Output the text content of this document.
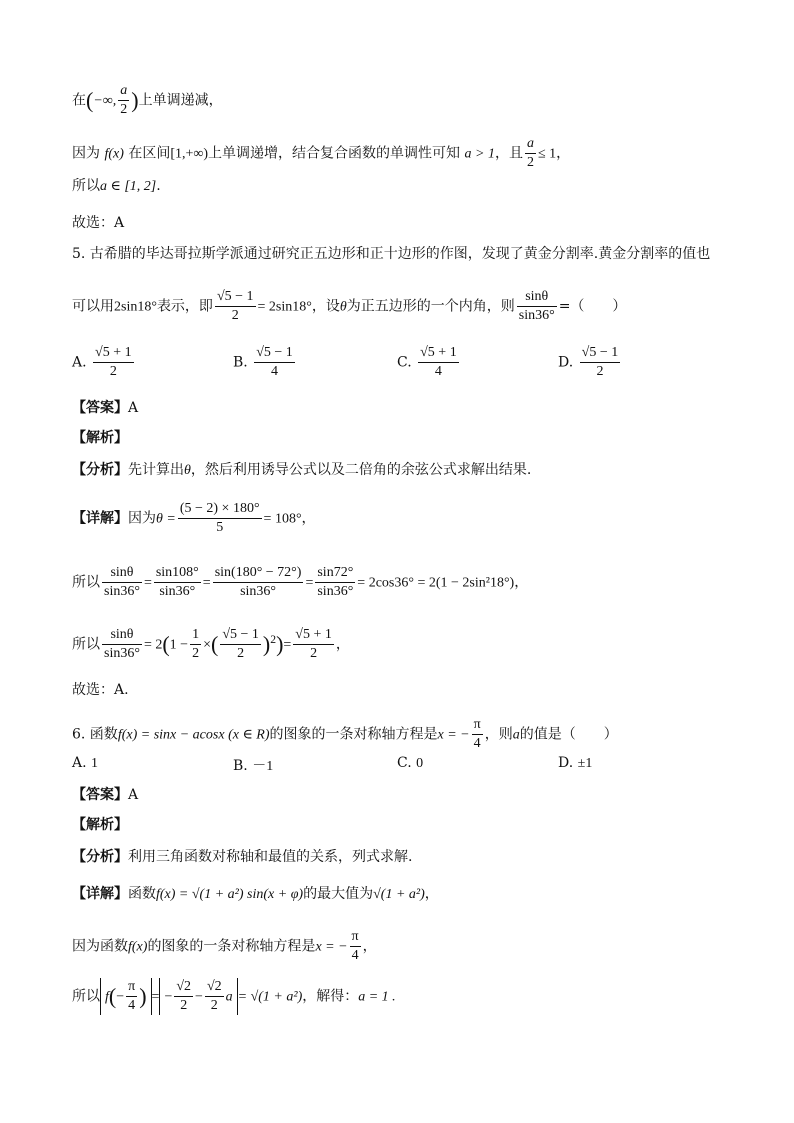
在(−∞, $\frac{a}{2}$ )上单调递减，
因为 f(x) 在区间[1,+∞)上单调递增，结合复合函数的单调性可知 a > 1，且 $\frac{a}{2} \le 1$，
所以a ∈ [1, 2].
故选：A
5. 古希腊的毕达哥拉斯学派通过研究正五边形和正十边形的作图，发现了黄金分割率.黄金分割率的值也
可以用2sin18°表示，即 $\frac{√5 - 1}{2} = 2\sin 18^\circ$，设θ为正五边形的一个内角，则 $\frac{\sin\theta}{\sin 36^\circ}$ =（　　）
A. $\frac{√5 + 1}{2}$	B. $\frac{√5 - 1}{4}$	C. $\frac{√5 + 1}{4}$	D. $\frac{√5 - 1}{2}$
【答案】A
【解析】
【分析】先计算出θ，然后利用诱导公式以及二倍角的余弦公式求解出结果.
【详解】因为$\theta = \frac{(5 - 2) \times 180^\circ}{5} = 108^\circ$，
所以 $\frac{\sin\theta}{\sin 36^\circ} = \frac{\sin 108^\circ}{\sin 36^\circ} = \frac{\sin(180^\circ - 72^\circ)}{\sin 36^\circ} = \frac{\sin 72^\circ}{\sin 36^\circ} = 2\cos 36^\circ = 2(1 - 2\sin^218^\circ)$，
所以 $\frac{\sin\theta}{\sin 36^\circ} = 2(1 - \frac{1}{2}$ ×( $\frac{√5 - 1}{2} )^2)= \frac{√5 + 1}{2}$ ，
故选：A.
6. 函数f(x) = sinx − acosx (x ∈ R)的图象的一条对称轴方程是x = − $\frac{\pi}{4}$ ，则a的值是（　　）
A. 1	B. －1	C. 0	D. ±1
【答案】A
【解析】
【分析】利用三角函数对称轴和最值的关系，列式求解.
【详解】函数f(x) = √(1 + a²) sin(x + φ)的最大值为√(1 + a²)，
因为函数f(x)的图象的一条对称轴方程是x = − $\frac{\pi}{4}$ ，
所以 $f(- \frac{\pi}{4}$ ) = − $\frac{√2}{2} - \frac{√2}{2}$ a = √(1 + a²)，解得：a = 1 .
